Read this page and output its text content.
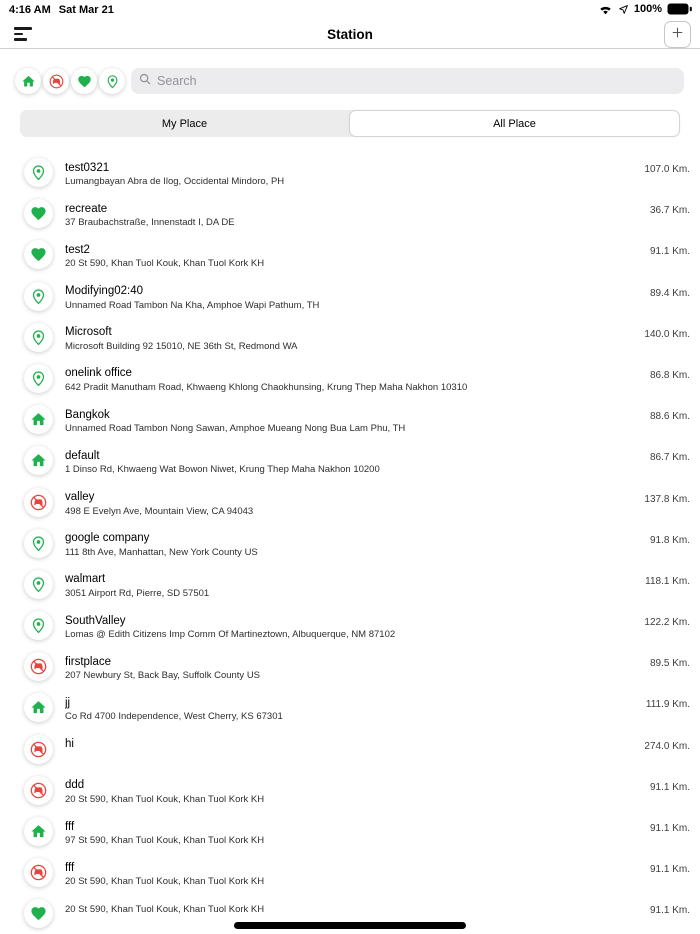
4:16 AM Sat Mar 21	100%
Station
Search
My Place	All Place
test0321
Lumangbayan Abra de Ilog, Occidental Mindoro, PH
107.0 Km.
recreate
37 Braubachstraße, Innenstadt I, DA DE
36.7 Km.
test2
20 St 590, Khan Tuol Kouk, Khan Tuol Kork KH
91.1 Km.
Modifying02:40
Unnamed Road Tambon Na Kha, Amphoe Wapi Pathum, TH
89.4 Km.
Microsoft
Microsoft Building 92 15010, NE 36th St, Redmond WA
140.0 Km.
onelink office
642 Pradit Manutham Road, Khwaeng Khlong Chaokhunsing, Krung Thep Maha Nakhon 10310
86.8 Km.
Bangkok
Unnamed Road Tambon Nong Sawan, Amphoe Mueang Nong Bua Lam Phu, TH
88.6 Km.
default
1 Dinso Rd, Khwaeng Wat Bowon Niwet, Krung Thep Maha Nakhon 10200
86.7 Km.
valley
498 E Evelyn Ave, Mountain View, CA 94043
137.8 Km.
google company
111 8th Ave, Manhattan, New York County US
91.8 Km.
walmart
3051 Airport Rd, Pierre, SD 57501
118.1 Km.
SouthValley
Lomas @ Edith Citizens Imp Comm Of Martineztown, Albuquerque, NM 87102
122.2 Km.
firstplace
207 Newbury St, Back Bay, Suffolk County US
89.5 Km.
jj
Co Rd 4700 Independence, West Cherry, KS 67301
111.9 Km.
hi	274.0 Km.
ddd
20 St 590, Khan Tuol Kouk, Khan Tuol Kork KH
91.1 Km.
fff
97 St 590, Khan Tuol Kouk, Khan Tuol Kork KH
91.1 Km.
fff
20 St 590, Khan Tuol Kouk, Khan Tuol Kork KH
91.1 Km.
20 St 590, Khan Tuol Kouk, Khan Tuol Kork KH	91.1 Km.
